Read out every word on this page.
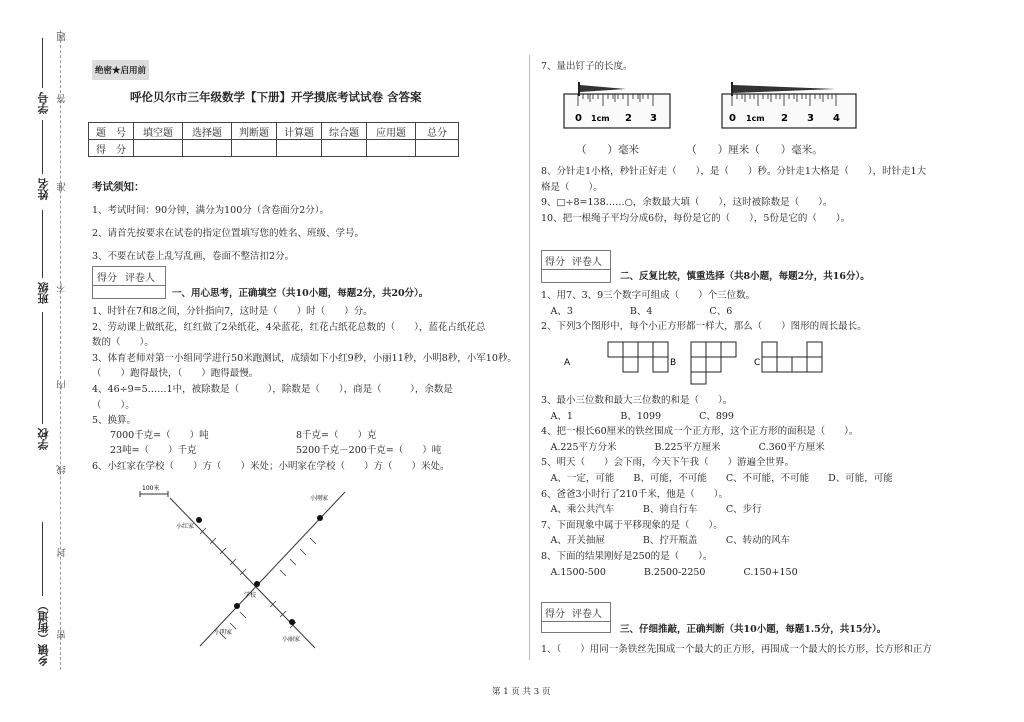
题
学号 答
姓名 准
班级 不
内
学校
线
封
乡镇（街道） 密
绝密★启用前
呼伦贝尔市三年级数学【下册】开学摸底考试试卷 含答案
题　号	填空题	选择题	判断题	计算题	综合题	应用题	总分
得　分							
考试须知：
1、考试时间：90分钟，满分为100分（含卷面分2分）。
2、请首先按要求在试卷的指定位置填写您的姓名、班级、学号。
3、不要在试卷上乱写乱画，卷面不整洁扣2分。
得分 评卷人
一、用心思考，正确填空（共10小题，每题2分，共20分）。
1、时针在7和8之间，分针指向7，这时是（　　）时（　　）分。
2、劳动课上做纸花，红红做了2朵纸花，4朵蓝花，红花占纸花总数的（　　），蓝花占纸花总
数的（　　）。
3、体育老师对第一小组同学进行50米跑测试，成绩如下小红9秒，小丽11秒，小明8秒，小军10秒。
（　　）跑得最快，（　　）跑得最慢。
4、46÷9=5……1中，被除数是（　　　），除数是（　　），商是（　　　），余数是
（　　）。
5、换算。
7000千克=（　　）吨	8千克=（　　）克
23吨=（　　）千克	5200千克－200千克=（　　）吨
6、小红家在学校（　　）方（　　）米处；小明家在学校（　　）方（　　）米处。
100米
小红家
小刚家
学校
小明家
小丽家
7、量出钉子的长度。
0 1cm 2 3	0 1cm 2 3 4
（　　）毫米　　　　　（　　）厘米（　　）毫米。
8、分针走1小格，秒针正好走（　　），是（　　）秒。分针走1大格是（　　），时针走1大
格是（　　）。
9、□÷8=138……○，余数最大填（　　），这时被除数是（　　）。
10、把一根绳子平均分成6份，每份是它的（　　），5份是它的（　　）。
得分 评卷人
二、反复比较，慎重选择（共8小题，每题2分，共16分）。
1、用7、3、9三个数字可组成（　　）个三位数。
　A、3　　　　　　B、4　　　　　　C、6
2、下列3个图形中，每个小正方形都一样大，那么（　　）图形的周长最长。
A	B	C
3、最小三位数和最大三位数的和是（　　）。
　A、1　　　　　B、1099　　　　C、899
4、把一根长60厘米的铁丝围成一个正方形，这个正方形的面积是（　　）。
　A.225平方分米　　　　B.225平方厘米　　　　C.360平方厘米
5、明天（　　）会下雨，今天下午我（　　）游遍全世界。
　A、一定，可能　　B、可能，不可能　　C、不可能，不可能　　D、可能，可能
6、爸爸3小时行了210千米，他是（　　）。
　A、乘公共汽车　　　B、骑自行车　　　C、步行
7、下面现象中属于平移现象的是（　　）。
　A、开关抽屉　　　　B、拧开瓶盖　　　C、转动的风车
8、下面的结果刚好是250的是（　　）。
　A.1500-500　　　　B.2500-2250　　　　C.150+150
得分 评卷人
三、仔细推敲，正确判断（共10小题，每题1.5分，共15分）。
1、（　　）用同一条铁丝先围成一个最大的正方形，再围成一个最大的长方形，长方形和正方
第 1 页 共 3 页
